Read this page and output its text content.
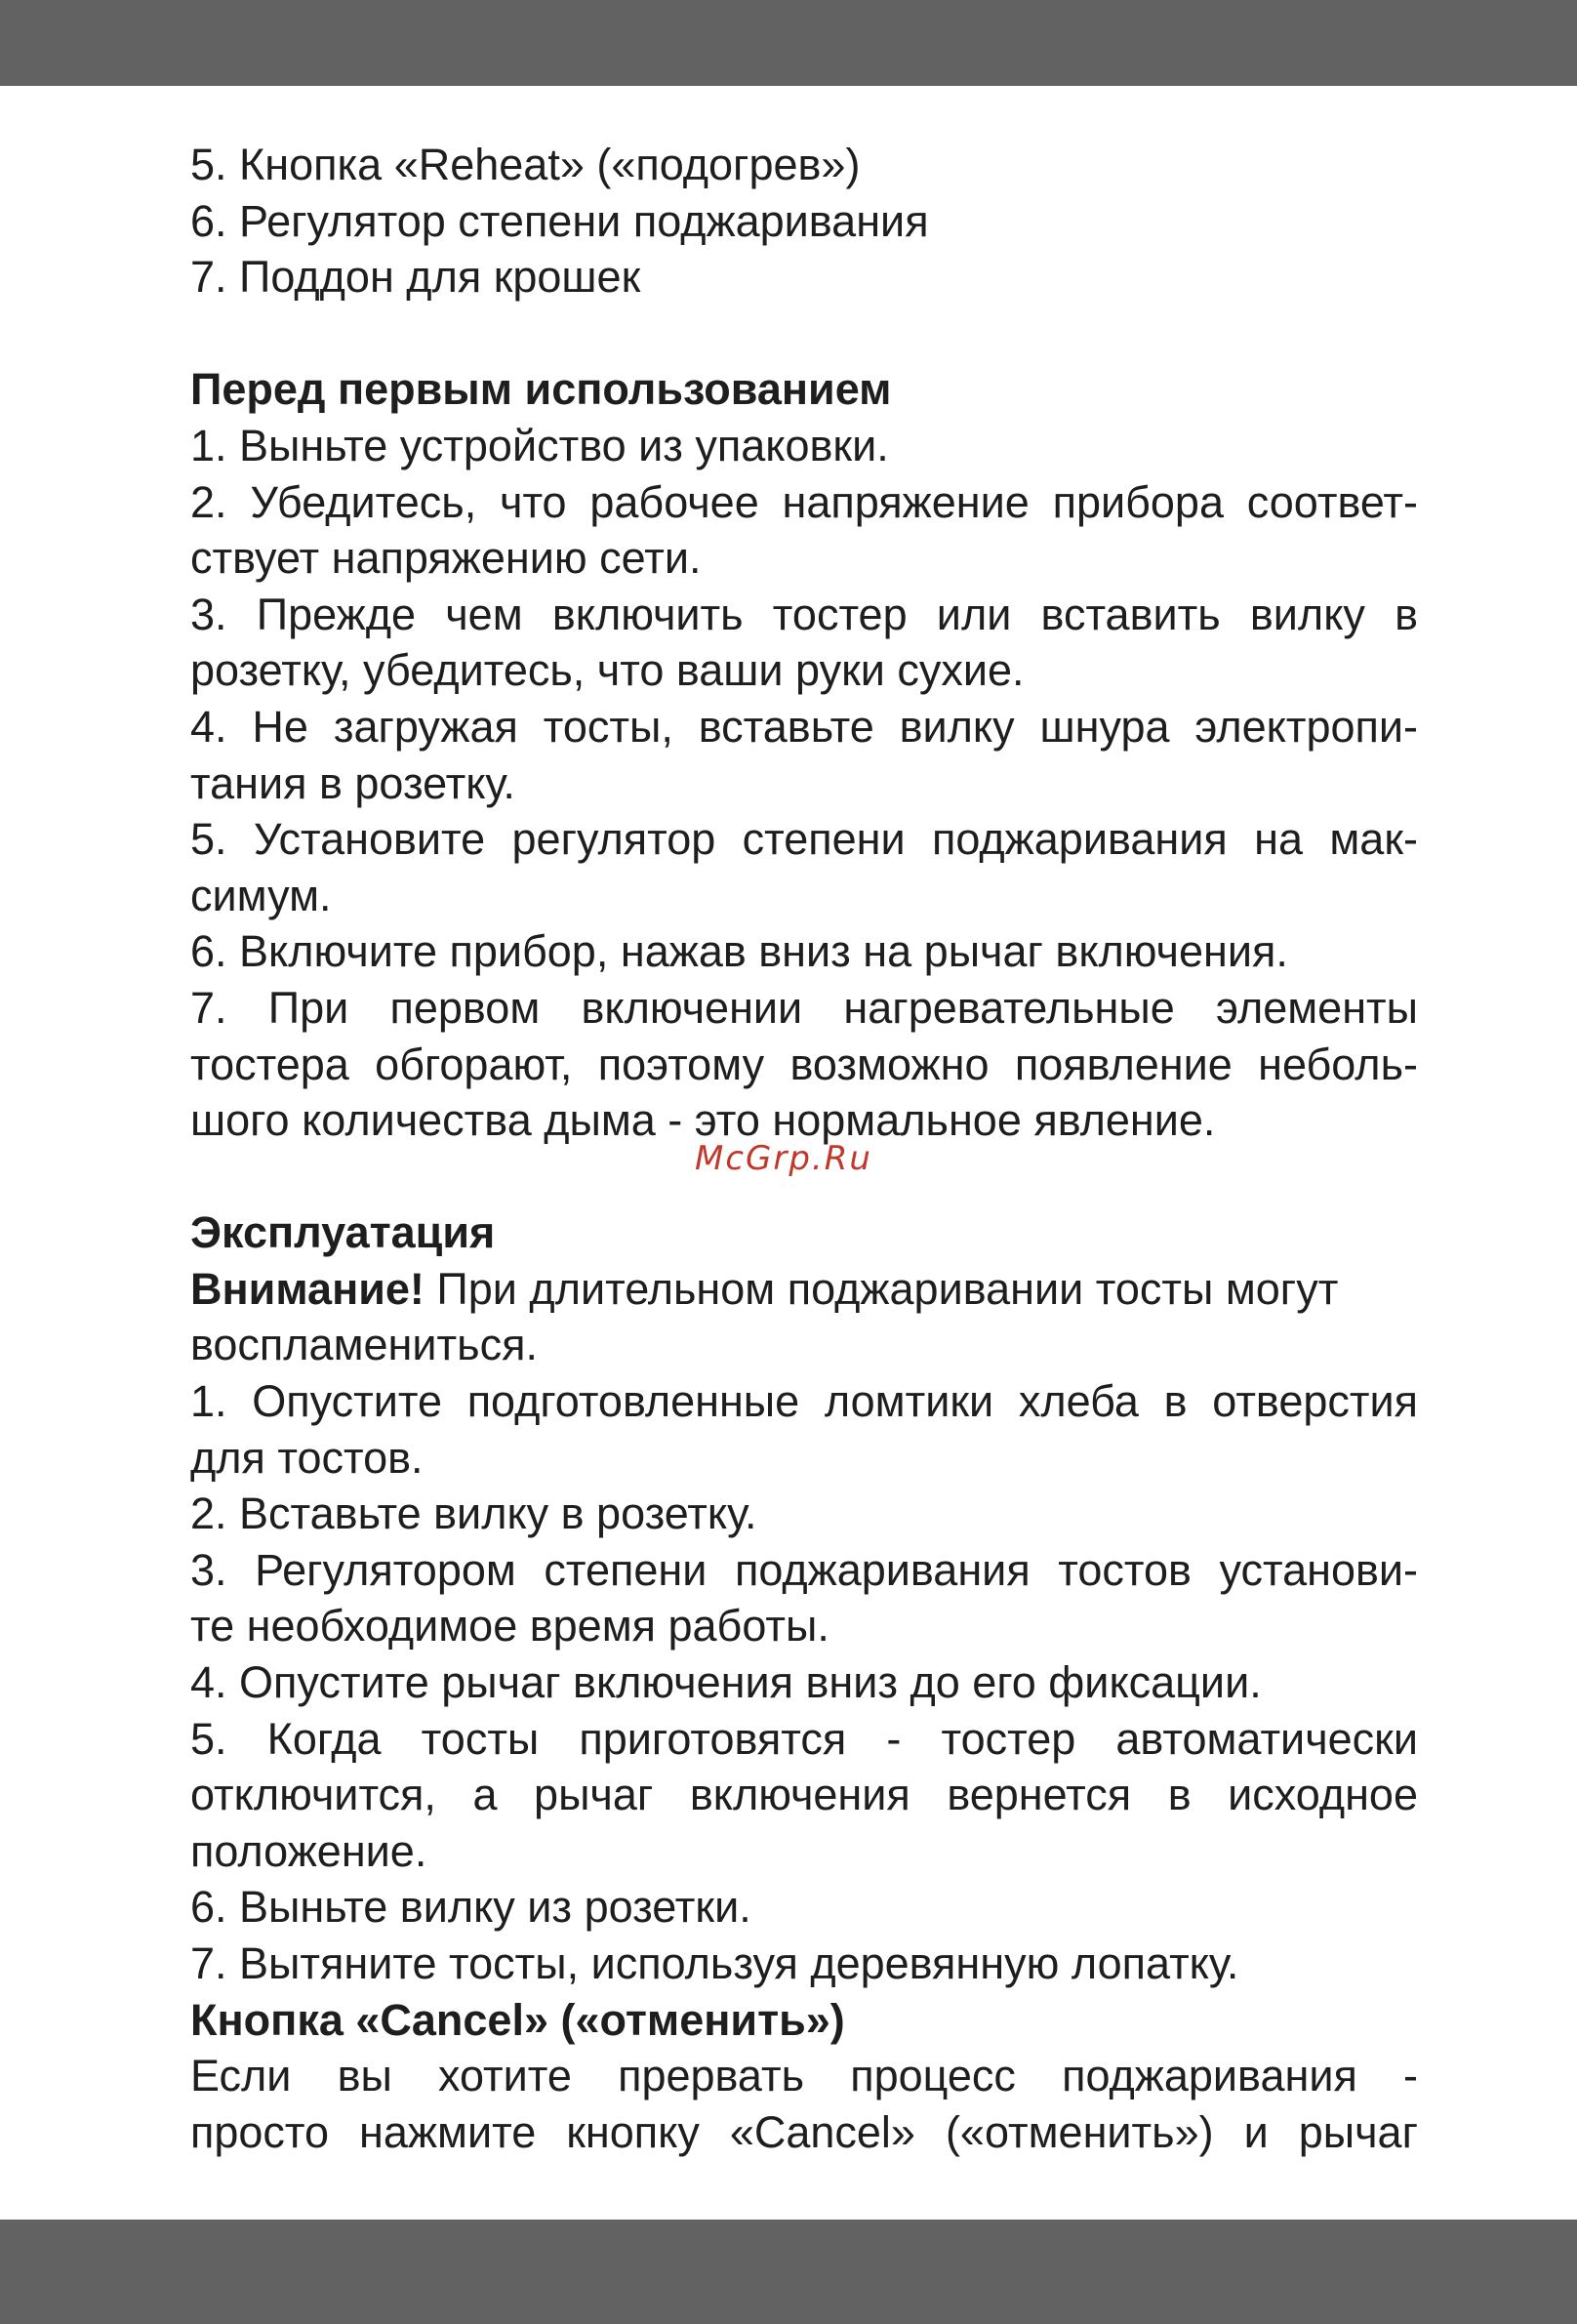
5. Кнопка «Reheat» («подогрев»)
6. Регулятор степени поджаривания
7. Поддон для крошек
Перед первым использованием
1. Выньте устройство из упаковки.
2. Убедитесь, что рабочее напряжение прибора соответ-
ствует напряжению сети.
3. Прежде чем включить тостер или вставить вилку в
розетку, убедитесь, что ваши руки сухие.
4. Не загружая тосты, вставьте вилку шнура электропи-
тания в розетку.
5. Установите регулятор степени поджаривания на мак-
симум.
6. Включите прибор, нажав вниз на рычаг включения.
7. При первом включении нагревательные элементы
тостера обгорают, поэтому возможно появление неболь-
шого количества дыма - это нормальное явление.
Эксплуатация
Внимание! При длительном поджаривании тосты могут
воспламениться.
1. Опустите подготовленные ломтики хлеба в отверстия
для тостов.
2. Вставьте вилку в розетку.
3. Регулятором степени поджаривания тостов установи-
те необходимое время работы.
4. Опустите рычаг включения вниз до его фиксации.
5. Когда тосты приготовятся - тостер автоматически
отключится, а рычаг включения вернется в исходное
положение.
6. Выньте вилку из розетки.
7. Вытяните тосты, используя деревянную лопатку.
Кнопка «Cancel» («отменить»)
Если вы хотите прервать процесс поджаривания -
просто нажмите кнопку «Cancel» («отменить») и рычаг
McGrp.Ru
